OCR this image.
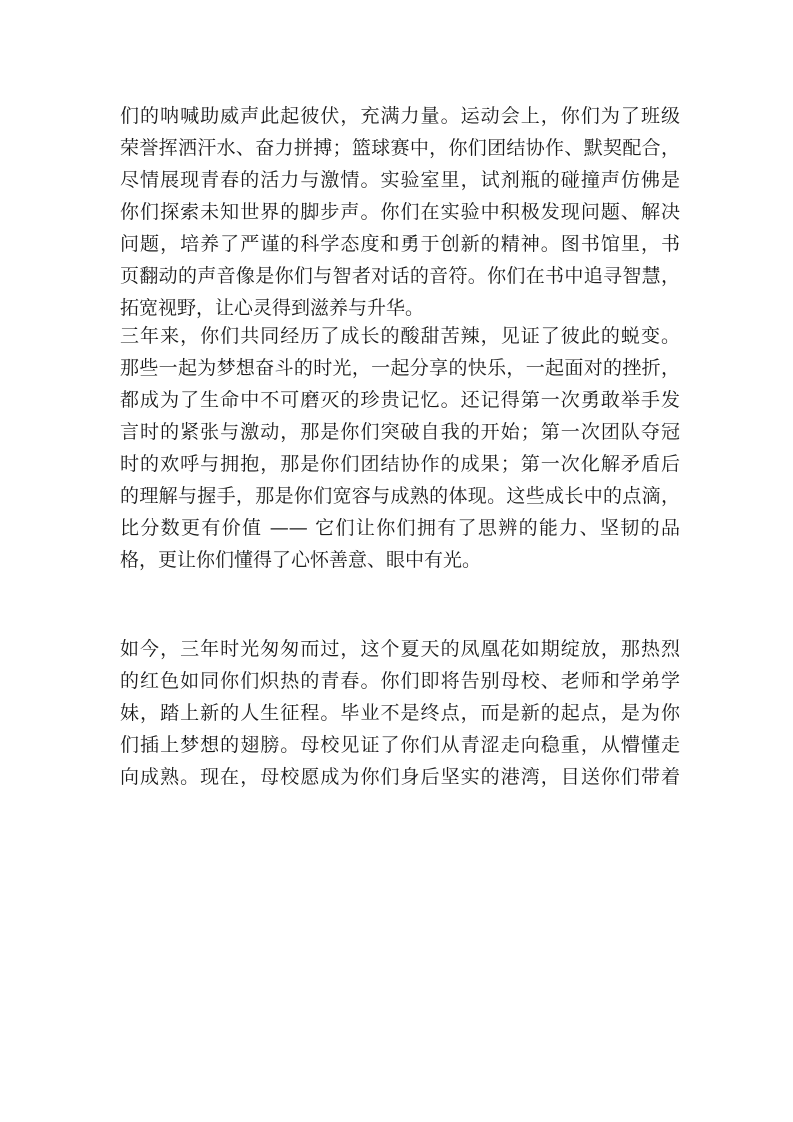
们的呐喊助威声此起彼伏，充满力量。运动会上，你们为了班级
荣誉挥洒汗水、奋力拼搏；篮球赛中，你们团结协作、默契配合，
尽情展现青春的活力与激情。实验室里，试剂瓶的碰撞声仿佛是
你们探索未知世界的脚步声。你们在实验中积极发现问题、解决
问题，培养了严谨的科学态度和勇于创新的精神。图书馆里，书
页翻动的声音像是你们与智者对话的音符。你们在书中追寻智慧，
拓宽视野，让心灵得到滋养与升华。
三年来，你们共同经历了成长的酸甜苦辣，见证了彼此的蜕变。
那些一起为梦想奋斗的时光，一起分享的快乐，一起面对的挫折，
都成为了生命中不可磨灭的珍贵记忆。还记得第一次勇敢举手发
言时的紧张与激动，那是你们突破自我的开始；第一次团队夺冠
时的欢呼与拥抱，那是你们团结协作的成果；第一次化解矛盾后
的理解与握手，那是你们宽容与成熟的体现。这些成长中的点滴，
比分数更有价值 —— 它们让你们拥有了思辨的能力、坚韧的品
格，更让你们懂得了心怀善意、眼中有光。
如今，三年时光匆匆而过，这个夏天的凤凰花如期绽放，那热烈
的红色如同你们炽热的青春。你们即将告别母校、老师和学弟学
妹，踏上新的人生征程。毕业不是终点，而是新的起点，是为你
们插上梦想的翅膀。母校见证了你们从青涩走向稳重，从懵懂走
向成熟。现在，母校愿成为你们身后坚实的港湾，目送你们带着
